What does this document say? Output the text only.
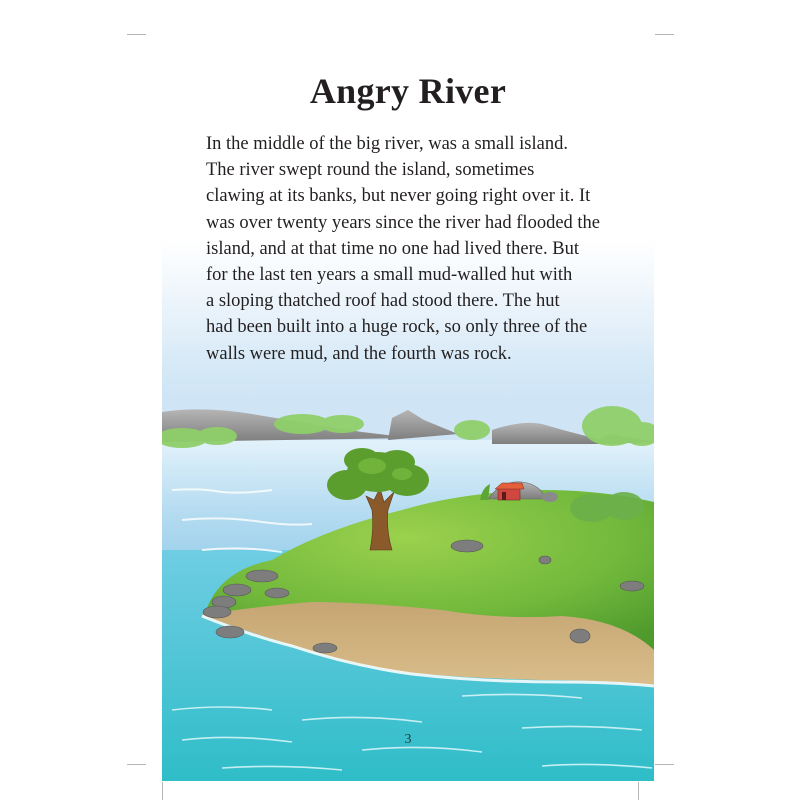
Angry River
In the middle of the big river, was a small island.
The river swept round the island, sometimes
clawing at its banks, but never going right over it. It
was over twenty years since the river had flooded the
island, and at that time no one had lived there. But
for the last ten years a small mud-walled hut with
a sloping thatched roof had stood there. The hut
had been built into a huge rock, so only three of the
walls were mud, and the fourth was rock.
3
